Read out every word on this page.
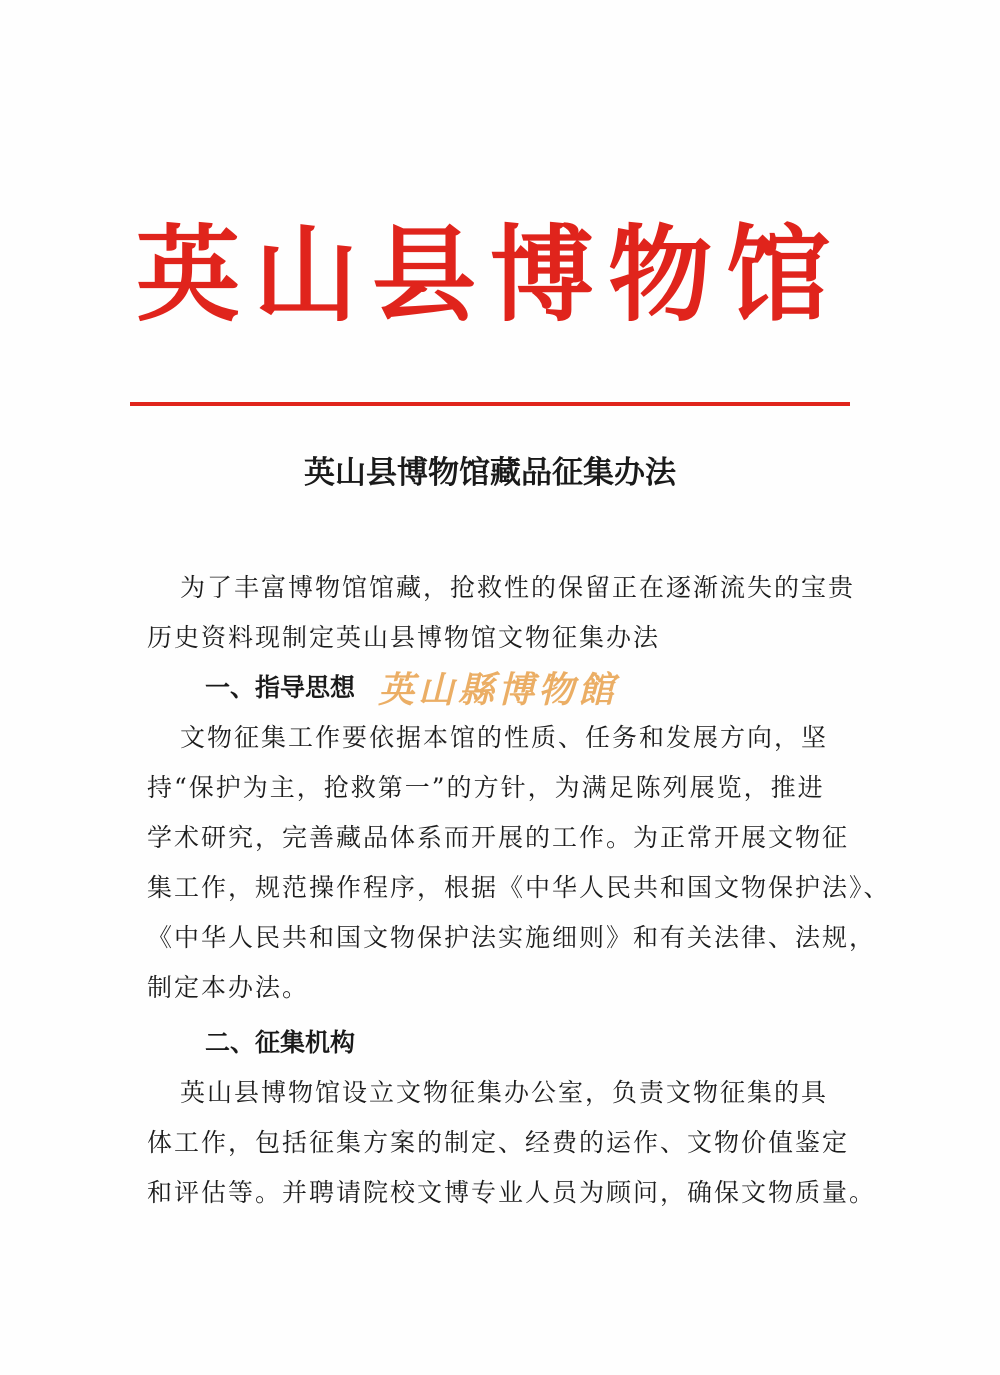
英山县博物馆
英山县博物馆藏品征集办法
为了丰富博物馆馆藏，抢救性的保留正在逐渐流失的宝贵
历史资料现制定英山县博物馆文物征集办法
一、指导思想 英山縣博物館
文物征集工作要依据本馆的性质、任务和发展方向，坚
持“保护为主，抢救第一”的方针，为满足陈列展览，推进
学术研究，完善藏品体系而开展的工作。为正常开展文物征
集工作，规范操作程序，根据《中华人民共和国文物保护法》、
《中华人民共和国文物保护法实施细则》和有关法律、法规，
制定本办法。
二、征集机构
英山县博物馆设立文物征集办公室，负责文物征集的具
体工作，包括征集方案的制定、经费的运作、文物价值鉴定
和评估等。并聘请院校文博专业人员为顾问，确保文物质量。
